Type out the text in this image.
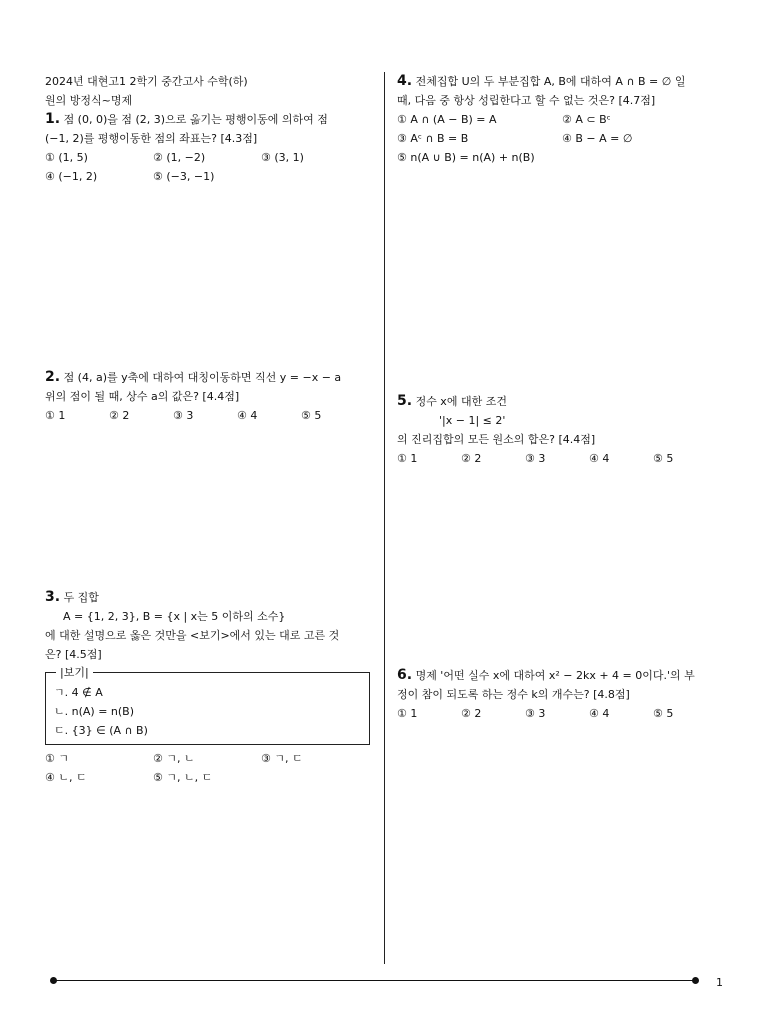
2024년 대현고1 2학기 중간고사 수학(하)
원의 방정식~명제
1. 점 (0, 0)을 점 (2, 3)으로 옮기는 평행이동에 의하여 점
(−1, 2)를 평행이동한 점의 좌표는? [4.3점]
① (1, 5)	② (1, −2)	③ (3, 1)
④ (−1, 2)	⑤ (−3, −1)
2. 점 (4, a)를 y축에 대하여 대칭이동하면 직선 y = −x − a
위의 점이 될 때, 상수 a의 값은? [4.4점]
① 1	② 2	③ 3	④ 4	⑤ 5
3. 두 집합
A = {1, 2, 3}, B = {x | x는 5 이하의 소수}
에 대한 설명으로 옳은 것만을 <보기>에서 있는 대로 고른 것
은? [4.5점]
|보기|
ㄱ. 4 ∉ A
ㄴ. n(A) = n(B)
ㄷ. {3} ∈ (A ∩ B)
① ㄱ	② ㄱ, ㄴ	③ ㄱ, ㄷ
④ ㄴ, ㄷ	⑤ ㄱ, ㄴ, ㄷ
4. 전체집합 U의 두 부분집합 A, B에 대하여 A ∩ B = ∅ 일
때, 다음 중 항상 성립한다고 할 수 없는 것은? [4.7점]
① A ∩ (A − B) = A	② A ⊂ Bᶜ
③ Aᶜ ∩ B = B	④ B − A = ∅
⑤ n(A ∪ B) = n(A) + n(B)
5. 정수 x에 대한 조건
'|x − 1| ≤ 2'
의 진리집합의 모든 원소의 합은? [4.4점]
① 1	② 2	③ 3	④ 4	⑤ 5
6. 명제 '어떤 실수 x에 대하여 x² − 2kx + 4 = 0이다.'의 부
정이 참이 되도록 하는 정수 k의 개수는? [4.8점]
① 1	② 2	③ 3	④ 4	⑤ 5
1
